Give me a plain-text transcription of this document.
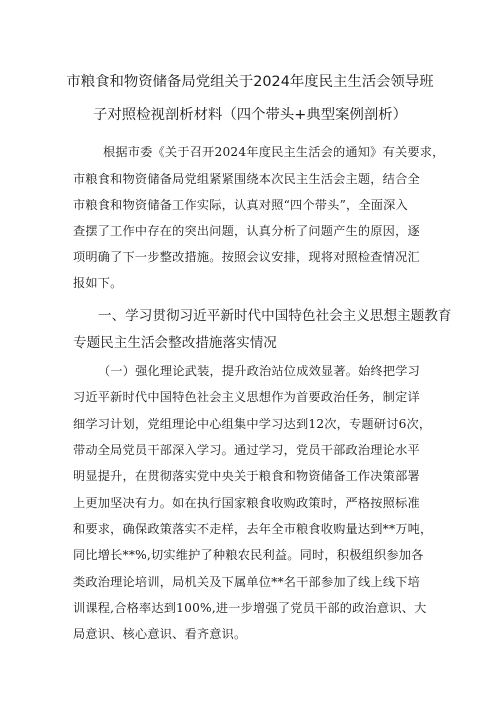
市粮食和物资储备局党组关于2024年度民主生活会领导班
子对照检视剖析材料（四个带头+典型案例剖析）
根据市委《关于召开2024年度民主生活会的通知》有关要求，
市粮食和物资储备局党组紧紧围绕本次民主生活会主题，结合全
市粮食和物资储备工作实际，认真对照“四个带头”，全面深入
查摆了工作中存在的突出问题，认真分析了问题产生的原因，逐
项明确了下一步整改措施。按照会议安排，现将对照检查情况汇
报如下。
一、学习贯彻习近平新时代中国特色社会主义思想主题教育
专题民主生活会整改措施落实情况
（一）强化理论武装，提升政治站位成效显著。始终把学习
习近平新时代中国特色社会主义思想作为首要政治任务，制定详
细学习计划，党组理论中心组集中学习达到12次，专题研讨6次，
带动全局党员干部深入学习。通过学习，党员干部政治理论水平
明显提升，在贯彻落实党中央关于粮食和物资储备工作决策部署
上更加坚决有力。如在执行国家粮食收购政策时，严格按照标准
和要求，确保政策落实不走样，去年全市粮食收购量达到**万吨，
同比增长**%,切实维护了种粮农民利益。同时，积极组织参加各
类政治理论培训，局机关及下属单位**名干部参加了线上线下培
训课程,合格率达到100%,进一步增强了党员干部的政治意识、大
局意识、核心意识、看齐意识。
